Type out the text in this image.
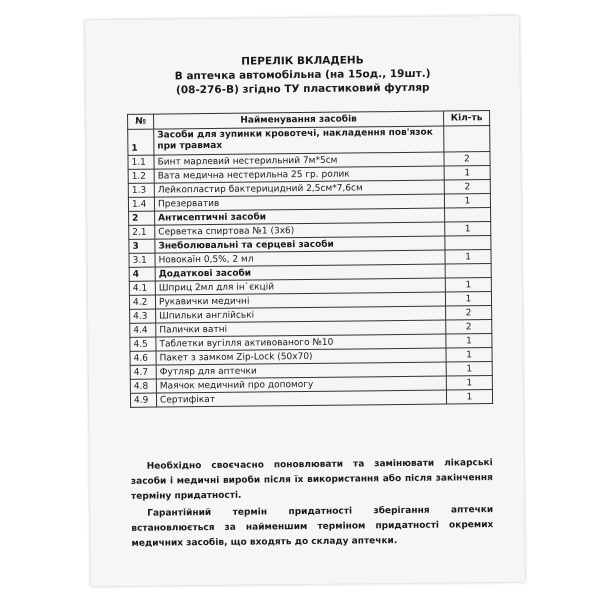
ПЕРЕЛІК ВКЛАДЕНЬ
В аптечка автомобільна (на 15од., 19шт.)
(08-276-В) згідно ТУ пластиковий футляр
№	Найменування засобів	Кіл-ть
1	Засоби для зупинки кровотечі, накладення пов'язок при травмах	
1.1	Бинт марлевий нестерильний 7м*5см	2
1.2	Вата медична нестерильна 25 гр. ролик	1
1.3	Лейкопластир бактерицидний 2,5см*7,6см	2
1.4	Презерватив	1
2	Антисептичні засоби	
2.1	Серветка спиртова №1 (3х6)	1
3	Знеболювальні та серцеві засоби	
3.1	Новокаїн 0,5%, 2 мл	1
4	Додаткові засоби	
4.1	Шприц 2мл для ін`єкцій	1
4.2	Рукавички медичні	1
4.3	Шпильки англійські	2
4.4	Палички ватні	2
4.5	Таблетки вугілля активованого №10	1
4.6	Пакет з замком Zip-Lock (50х70)	1
4.7	Футляр для аптечки	1
4.8	Маячок медичний про допомогу	1
4.9	Сертифікат	1
Необхідно своєчасно поновлювати та замінювати лікарські засоби і медичні вироби після їх використання або після закінчення терміну придатності.
Гарантійний термін придатності зберігання аптечки встановлюється за найменшим терміном придатності окремих медичних засобів, що входять до складу аптечки.
